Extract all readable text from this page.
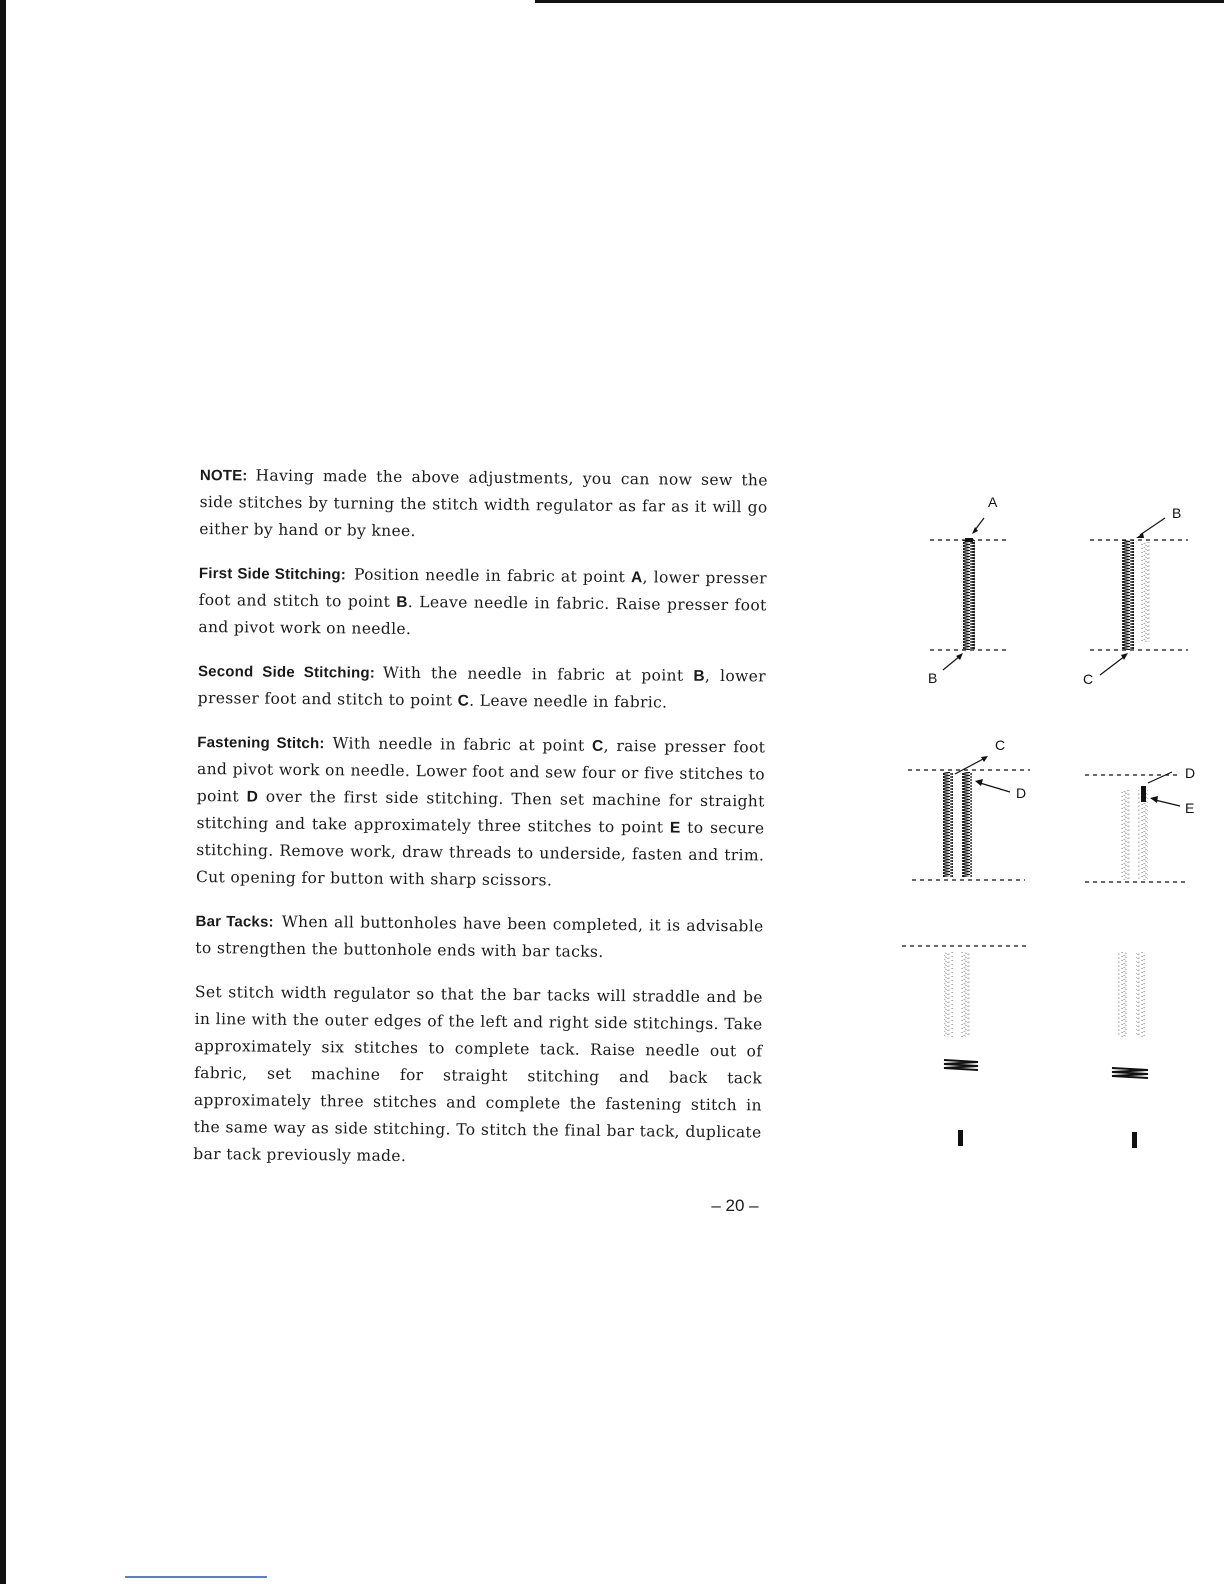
NOTE: Having made the above adjustments, you can now sew the side stitches by turning the stitch width regulator as far as it will go either by hand or by knee.

First Side Stitching: Position needle in fabric at point A, lower presser foot and stitch to point B. Leave needle in fabric. Raise presser foot and pivot work on needle.

Second Side Stitching: With the needle in fabric at point B, lower presser foot and stitch to point C. Leave needle in fabric.

Fastening Stitch: With needle in fabric at point C, raise presser foot and pivot work on needle. Lower foot and sew four or five stitches to point D over the first side stitching. Then set machine for straight stitching and take approximately three stitches to point E to secure stitching. Remove work, draw threads to underside, fasten and trim. Cut opening for button with sharp scissors.

Bar Tacks: When all buttonholes have been completed, it is advisable to strengthen the buttonhole ends with bar tacks.

Set stitch width regulator so that the bar tacks will straddle and be in line with the outer edges of the left and right side stitchings. Take approximately six stitches to complete tack. Raise needle out of fabric, set machine for straight stitching and back tack approximately three stitches and complete the fastening stitch in the same way as side stitching. To stitch the final bar tack, duplicate bar tack previously made.

– 20 –
A
B
B
C
C
D
D
E
